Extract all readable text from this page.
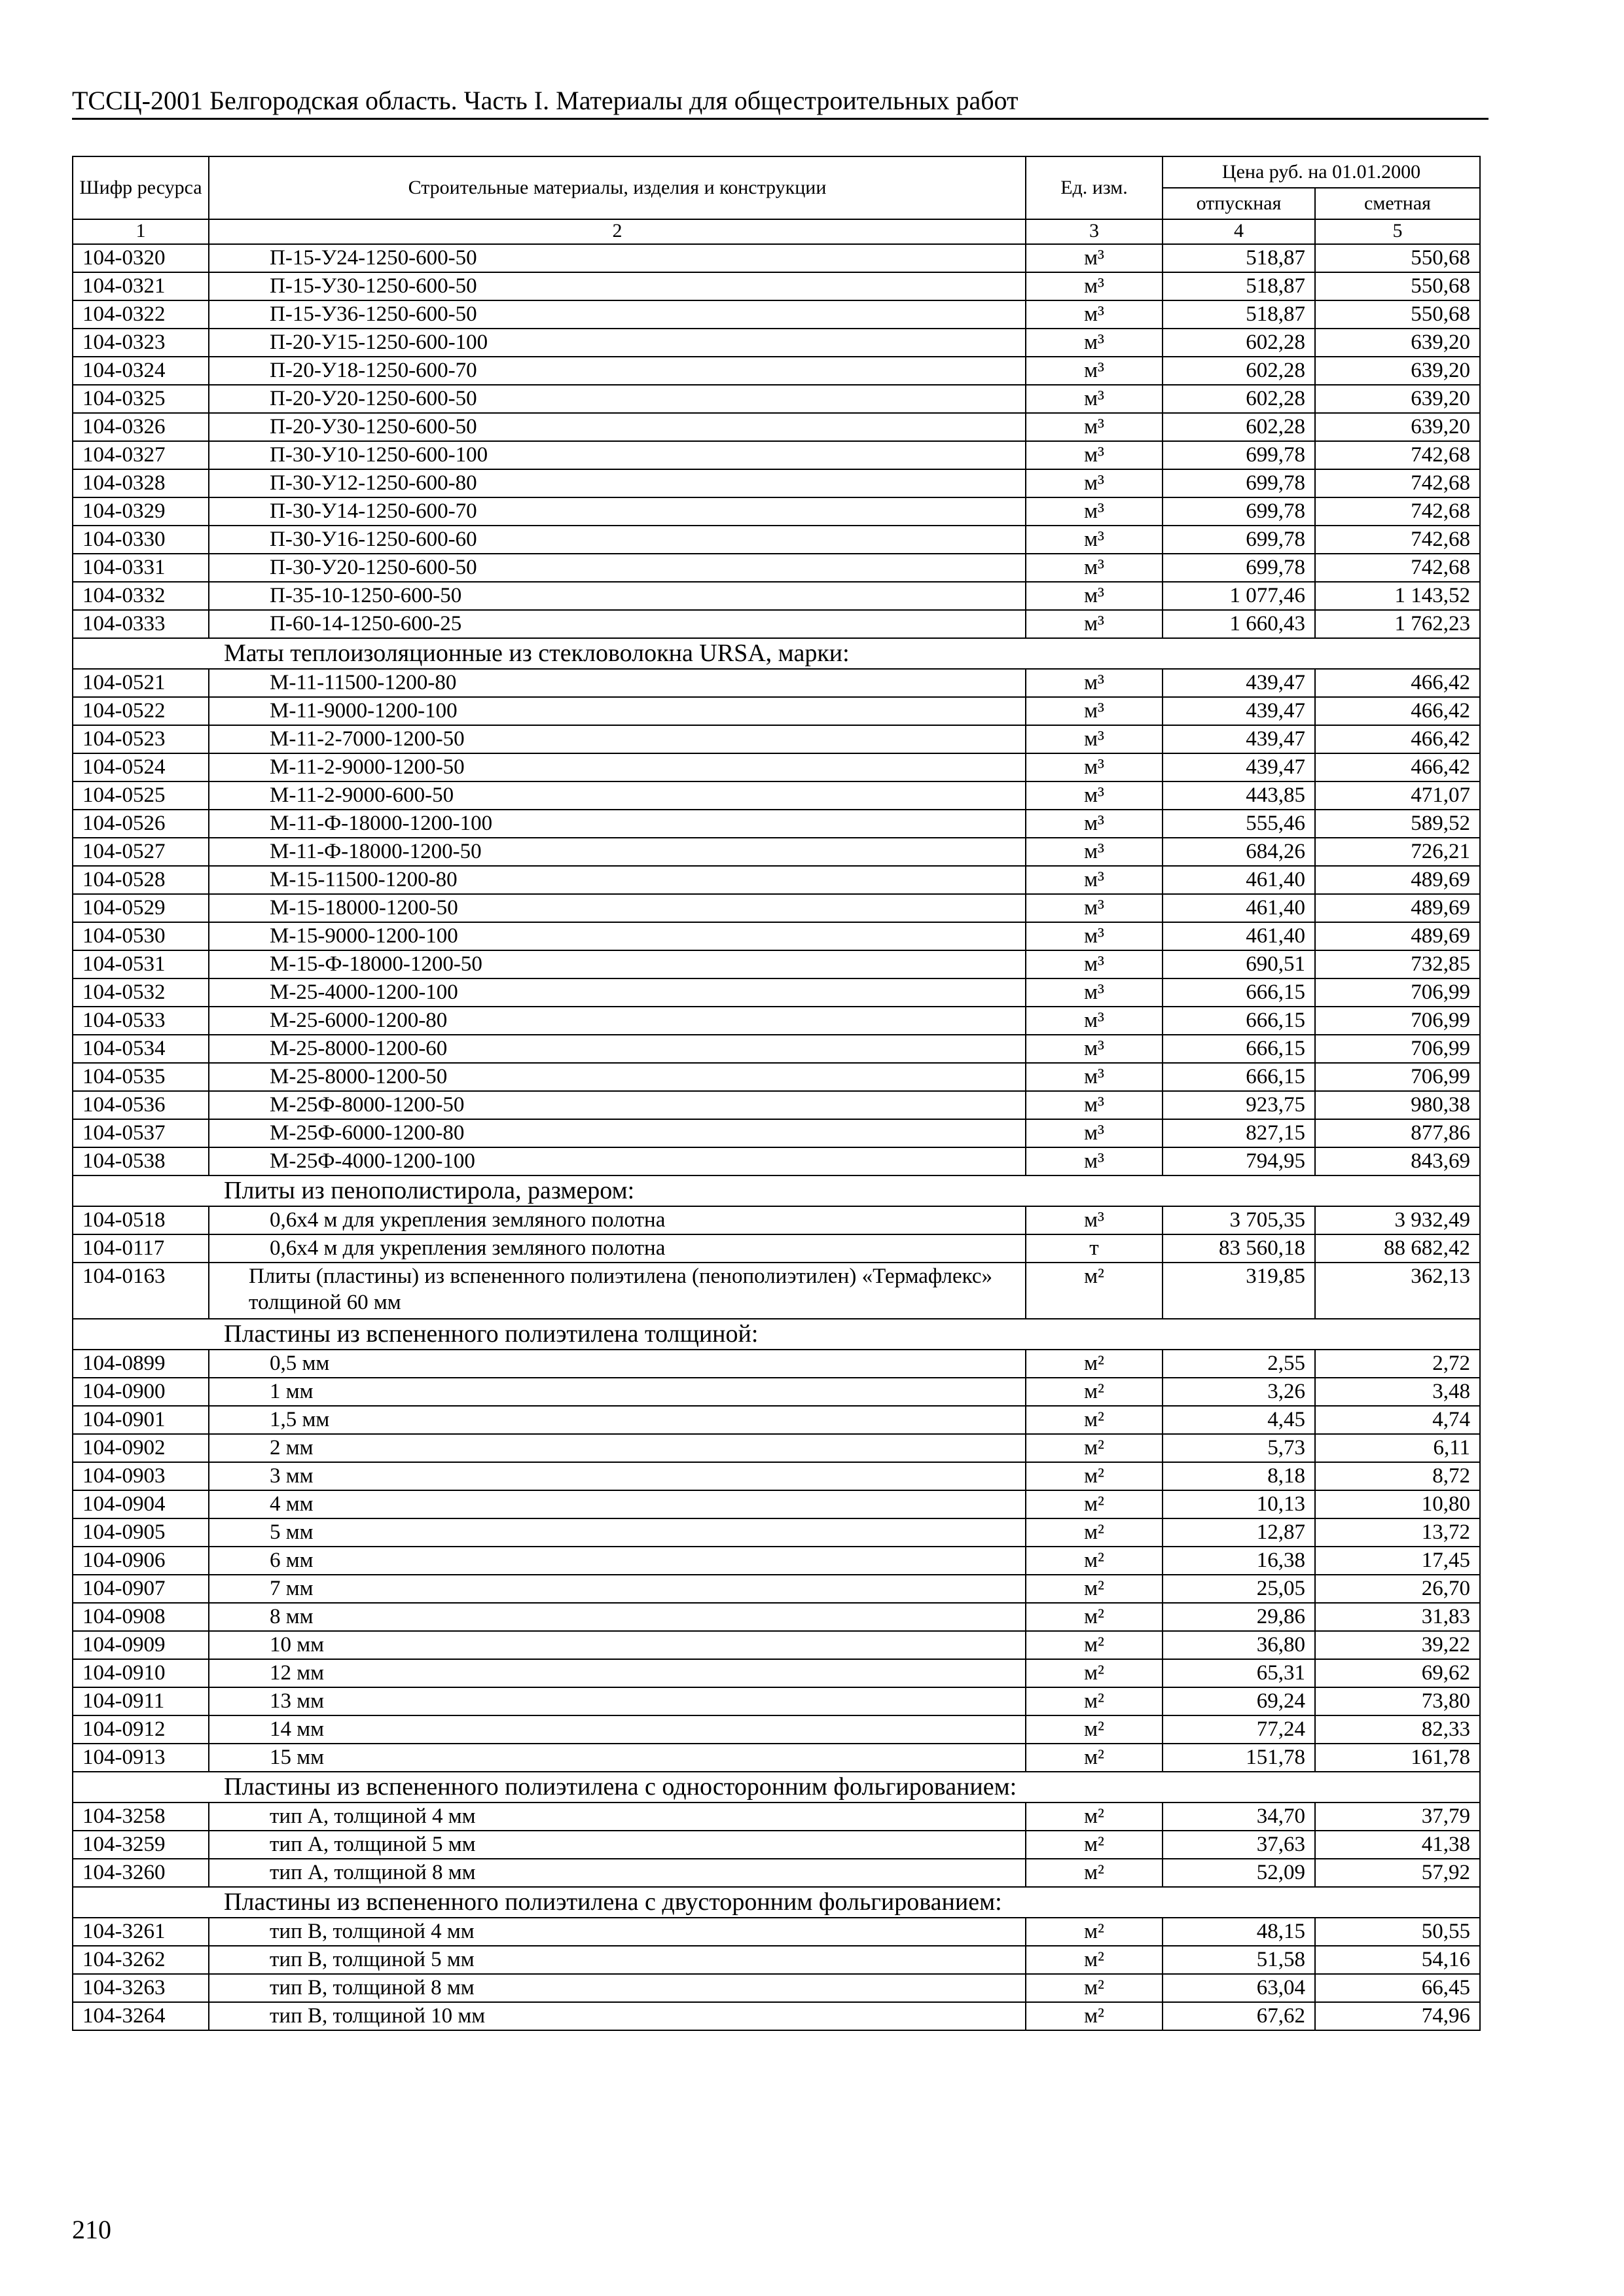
ТССЦ-2001 Белгородская область. Часть I. Материалы для общестроительных работ
Шифр ресурса	Строительные материалы, изделия и конструкции	Ед. изм.	Цена руб. на 01.01.2000	
			отпускная	сметная
1	2	3	4	5
104-0320	П-15-У24-1250-600-50	м³	518,87	550,68
104-0321	П-15-У30-1250-600-50	м³	518,87	550,68
104-0322	П-15-У36-1250-600-50	м³	518,87	550,68
104-0323	П-20-У15-1250-600-100	м³	602,28	639,20
104-0324	П-20-У18-1250-600-70	м³	602,28	639,20
104-0325	П-20-У20-1250-600-50	м³	602,28	639,20
104-0326	П-20-У30-1250-600-50	м³	602,28	639,20
104-0327	П-30-У10-1250-600-100	м³	699,78	742,68
104-0328	П-30-У12-1250-600-80	м³	699,78	742,68
104-0329	П-30-У14-1250-600-70	м³	699,78	742,68
104-0330	П-30-У16-1250-600-60	м³	699,78	742,68
104-0331	П-30-У20-1250-600-50	м³	699,78	742,68
104-0332	П-35-10-1250-600-50	м³	1 077,46	1 143,52
104-0333	П-60-14-1250-600-25	м³	1 660,43	1 762,23
Маты теплоизоляционные из стекловолокна URSA, марки:				
104-0521	М-11-11500-1200-80	м³	439,47	466,42
104-0522	М-11-9000-1200-100	м³	439,47	466,42
104-0523	М-11-2-7000-1200-50	м³	439,47	466,42
104-0524	М-11-2-9000-1200-50	м³	439,47	466,42
104-0525	М-11-2-9000-600-50	м³	443,85	471,07
104-0526	М-11-Ф-18000-1200-100	м³	555,46	589,52
104-0527	М-11-Ф-18000-1200-50	м³	684,26	726,21
104-0528	М-15-11500-1200-80	м³	461,40	489,69
104-0529	М-15-18000-1200-50	м³	461,40	489,69
104-0530	М-15-9000-1200-100	м³	461,40	489,69
104-0531	М-15-Ф-18000-1200-50	м³	690,51	732,85
104-0532	М-25-4000-1200-100	м³	666,15	706,99
104-0533	М-25-6000-1200-80	м³	666,15	706,99
104-0534	М-25-8000-1200-60	м³	666,15	706,99
104-0535	М-25-8000-1200-50	м³	666,15	706,99
104-0536	М-25Ф-8000-1200-50	м³	923,75	980,38
104-0537	М-25Ф-6000-1200-80	м³	827,15	877,86
104-0538	М-25Ф-4000-1200-100	м³	794,95	843,69
Плиты из пенополистирола, размером:				
104-0518	0,6х4 м для укрепления земляного полотна	м³	3 705,35	3 932,49
104-0117	0,6х4 м для укрепления земляного полотна	т	83 560,18	88 682,42
104-0163	Плиты (пластины) из вспененного полиэтилена (пенополиэтилен) «Термафлекс» толщиной 60 мм	м²	319,85	362,13
Пластины из вспененного полиэтилена толщиной:				
104-0899	0,5 мм	м²	2,55	2,72
104-0900	1 мм	м²	3,26	3,48
104-0901	1,5 мм	м²	4,45	4,74
104-0902	2 мм	м²	5,73	6,11
104-0903	3 мм	м²	8,18	8,72
104-0904	4 мм	м²	10,13	10,80
104-0905	5 мм	м²	12,87	13,72
104-0906	6 мм	м²	16,38	17,45
104-0907	7 мм	м²	25,05	26,70
104-0908	8 мм	м²	29,86	31,83
104-0909	10 мм	м²	36,80	39,22
104-0910	12 мм	м²	65,31	69,62
104-0911	13 мм	м²	69,24	73,80
104-0912	14 мм	м²	77,24	82,33
104-0913	15 мм	м²	151,78	161,78
Пластины из вспененного полиэтилена с односторонним фольгированием:				
104-3258	тип А, толщиной 4 мм	м²	34,70	37,79
104-3259	тип А, толщиной 5 мм	м²	37,63	41,38
104-3260	тип А, толщиной 8 мм	м²	52,09	57,92
Пластины из вспененного полиэтилена с двусторонним фольгированием:				
104-3261	тип В, толщиной 4 мм	м²	48,15	50,55
104-3262	тип В, толщиной 5 мм	м²	51,58	54,16
104-3263	тип В, толщиной 8 мм	м²	63,04	66,45
104-3264	тип В, толщиной 10 мм	м²	67,62	74,96
210
